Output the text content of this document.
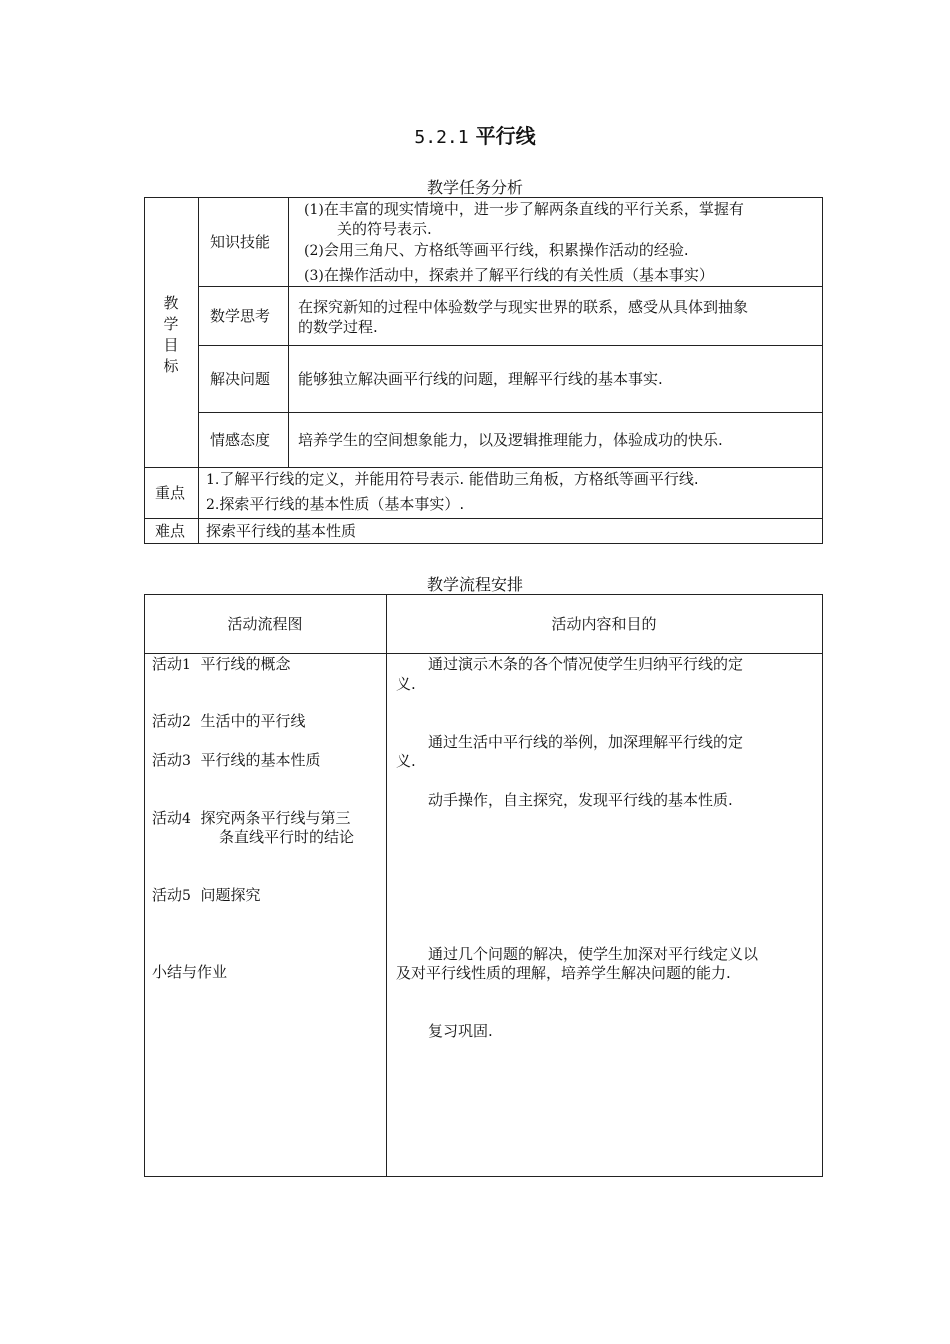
5.2.1 平行线
教学任务分析
教
学
目
标
知识技能
(1)在丰富的现实情境中，进一步了解两条直线的平行关系，掌握有
关的符号表示.
(2)会用三角尺、方格纸等画平行线，积累操作活动的经验.
(3)在操作活动中，探索并了解平行线的有关性质（基本事实）
数学思考 在探究新知的过程中体验数学与现实世界的联系，感受从具体到抽象
的数学过程.
解决问题 能够独立解决画平行线的问题，理解平行线的基本事实.
情感态度 培养学生的空间想象能力，以及逻辑推理能力，体验成功的快乐.
重点
1.了解平行线的定义，并能用符号表示. 能借助三角板，方格纸等画平行线.
2.探索平行线的基本性质（基本事实）.
难点 探索平行线的基本性质
教学流程安排
活动流程图	活动内容和目的
活动1 平行线的概念
活动2 生活中的平行线
活动3 平行线的基本性质
活动4 探究两条平行线与第三
条直线平行时的结论
活动5 问题探究
小结与作业
通过演示木条的各个情况使学生归纳平行线的定
义.
通过生活中平行线的举例，加深理解平行线的定
义.
动手操作，自主探究，发现平行线的基本性质.
通过几个问题的解决，使学生加深对平行线定义以
及对平行线性质的理解，培养学生解决问题的能力.
复习巩固.
